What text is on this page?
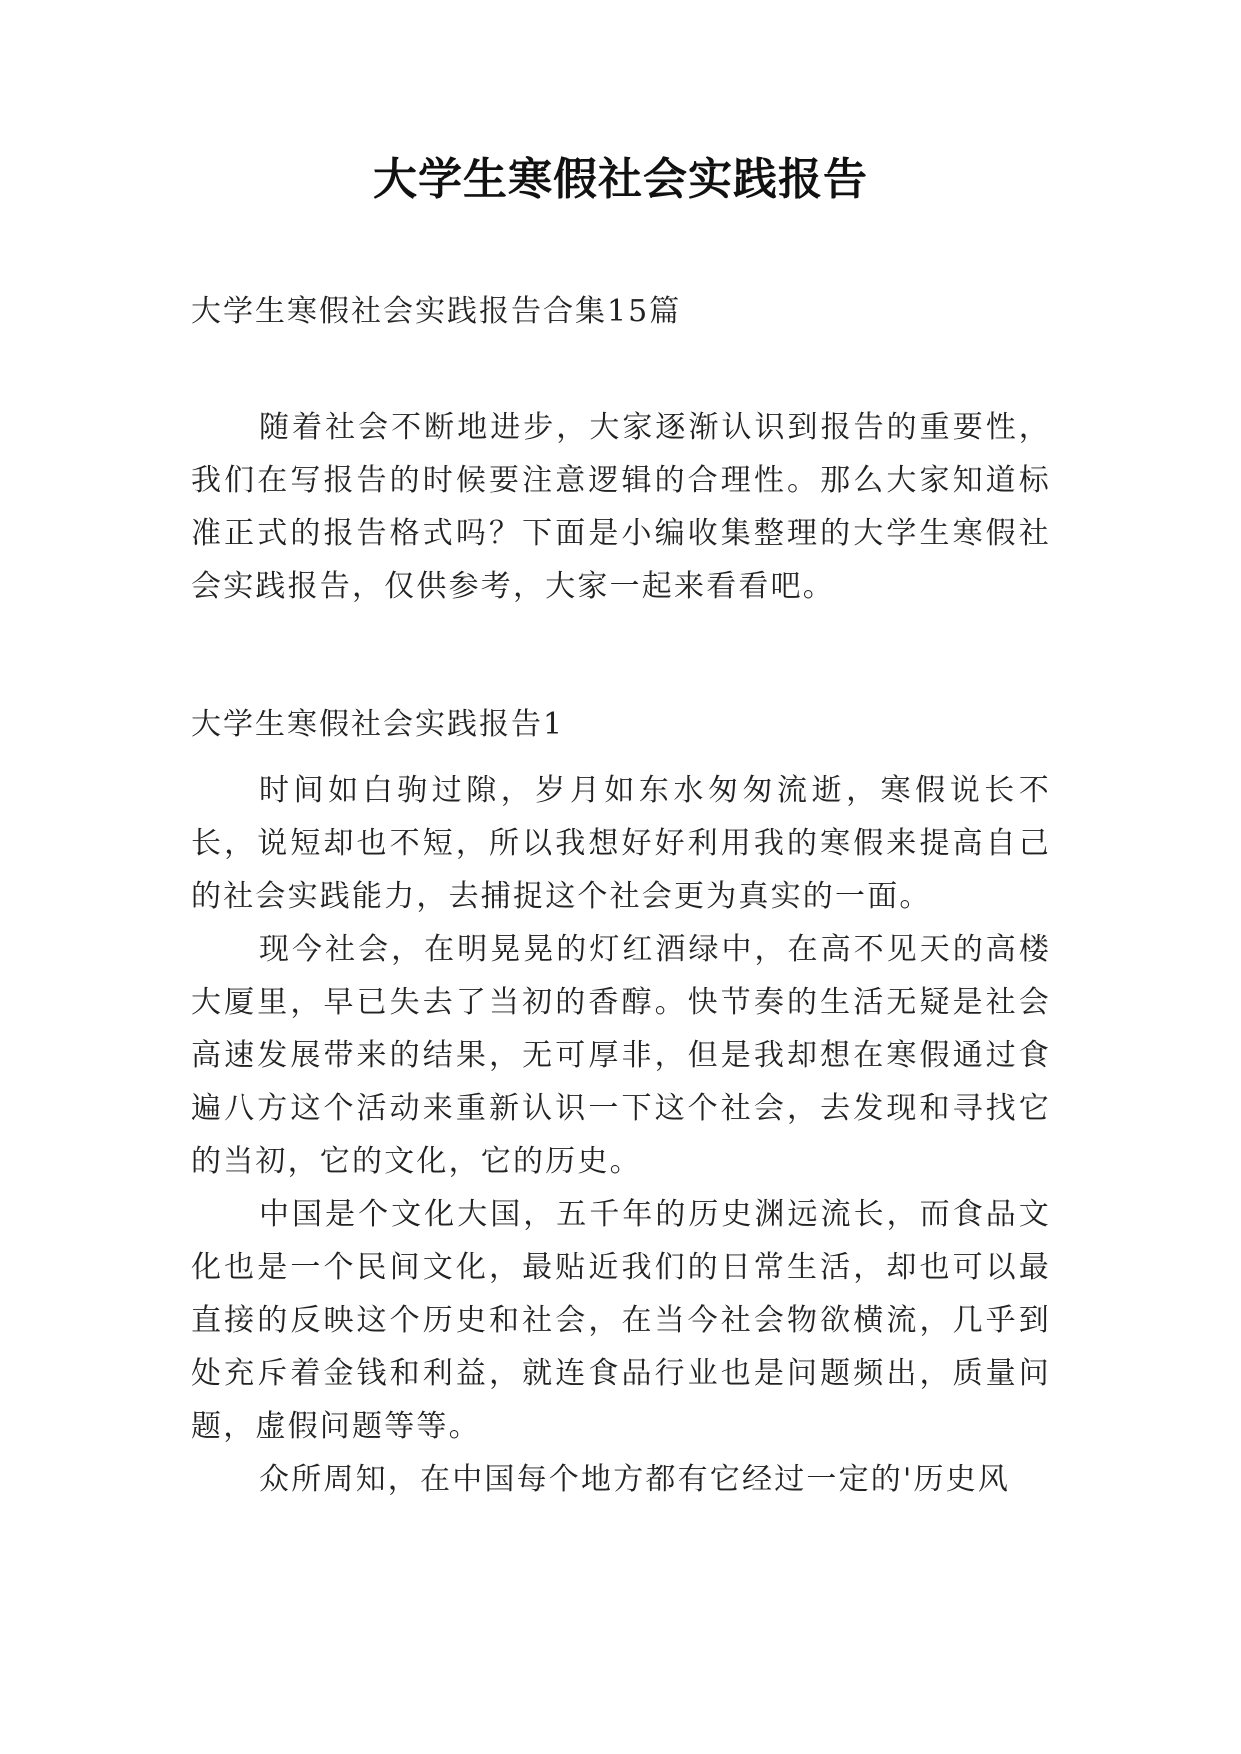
大学生寒假社会实践报告
大学生寒假社会实践报告合集15篇

随着社会不断地进步，大家逐渐认识到报告的重要性，我们在写报告的时候要注意逻辑的合理性。那么大家知道标准正式的报告格式吗？下面是小编收集整理的大学生寒假社会实践报告，仅供参考，大家一起来看看吧。

大学生寒假社会实践报告1

时间如白驹过隙，岁月如东水匆匆流逝，寒假说长不长，说短却也不短，所以我想好好利用我的寒假来提高自己的社会实践能力，去捕捉这个社会更为真实的一面。

现今社会，在明晃晃的灯红酒绿中，在高不见天的高楼大厦里，早已失去了当初的香醇。快节奏的生活无疑是社会高速发展带来的结果，无可厚非，但是我却想在寒假通过食遍八方这个活动来重新认识一下这个社会，去发现和寻找它的当初，它的文化，它的历史。

中国是个文化大国，五千年的历史渊远流长，而食品文化也是一个民间文化，最贴近我们的日常生活，却也可以最直接的反映这个历史和社会，在当今社会物欲横流，几乎到处充斥着金钱和利益，就连食品行业也是问题频出，质量问题，虚假问题等等。

众所周知，在中国每个地方都有它经过一定的'历史风
